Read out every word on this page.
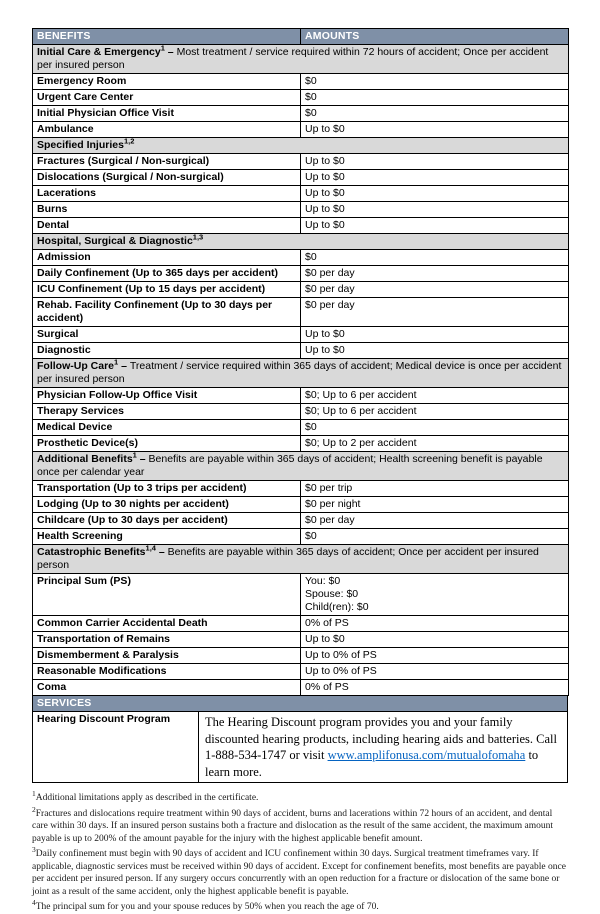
BENEFITS	AMOUNTS
Initial Care & Emergency$^1$ – Most treatment / service required within 72 hours of accident; Once per accident per insured person	
Emergency Room	$0

Urgent Care Center	$0

Initial Physician Office Visit	$0

Ambulance	Up to $0

Specified Injuries$^{1,2}$
Fractures (Surgical / Non-surgical)	Up to $0

Dislocations (Surgical / Non-surgical)	Up to $0

Lacerations	Up to $0

Burns	Up to $0

Dental	Up to $0

Hospital, Surgical & Diagnostic$^{1,3}$
Admission	$0

Daily Confinement (Up to 365 days per accident)	$0 per day

ICU Confinement (Up to 15 days per accident)	$0 per day

Rehab. Facility Confinement (Up to 30 days per accident)	$0 per day

Surgical	Up to $0

Diagnostic	Up to $0

Follow-Up Care$^1$ – Treatment / service required within 365 days of accident; Medical device is once per accident per insured person	
Physician Follow-Up Office Visit	$0; Up to 6 per accident

Therapy Services	$0; Up to 6 per accident

Medical Device	$0

Prosthetic Device(s)	$0; Up to 2 per accident

Additional Benefits$^1$ – Benefits are payable within 365 days of accident; Health screening benefit is payable once per calendar year	
Transportation (Up to 3 trips per accident)	$0 per trip

Lodging (Up to 30 nights per accident)	$0 per night

Childcare (Up to 30 days per accident)	$0 per day

Health Screening	$0

Catastrophic Benefits$^{1,4}$ – Benefits are payable within 365 days of accident; Once per accident per insured person	
Principal Sum (PS)	You: $0
Spouse: $0
Child(ren): $0

Common Carrier Accidental Death	0% of PS

Transportation of Remains	Up to $0

Dismemberment & Paralysis	Up to 0% of PS

Reasonable Modifications	Up to 0% of PS

Coma	0% of PS
SERVICES
Hearing Discount Program	The Hearing Discount program provides you and your family discounted hearing products, including hearing aids and batteries. Call 1-888-534-1747 or visit www.amplifonusa.com/mutualofomaha to learn more.

$^1$Additional limitations apply as described in the certificate.

$^2$Fractures and dislocations require treatment within 90 days of accident, burns and lacerations within 72 hours of an accident, and dental care within 30 days. If an insured person sustains both a fracture and dislocation as the result of the same accident, the maximum amount payable is up to 200% of the amount payable for the injury with the highest applicable benefit amount.

$^3$Daily confinement must begin with 90 days of accident and ICU confinement within 30 days. Surgical treatment timeframes vary. If applicable, diagnostic services must be received within 90 days of accident. Except for confinement benefits, most benefits are payable once per accident per insured person. If any surgery occurs concurrently with an open reduction for a fracture or dislocation of the same bone or joint as a result of the same accident, only the highest applicable benefit is payable.

$^4$The principal sum for you and your spouse reduces by 50% when you reach the age of 70.
